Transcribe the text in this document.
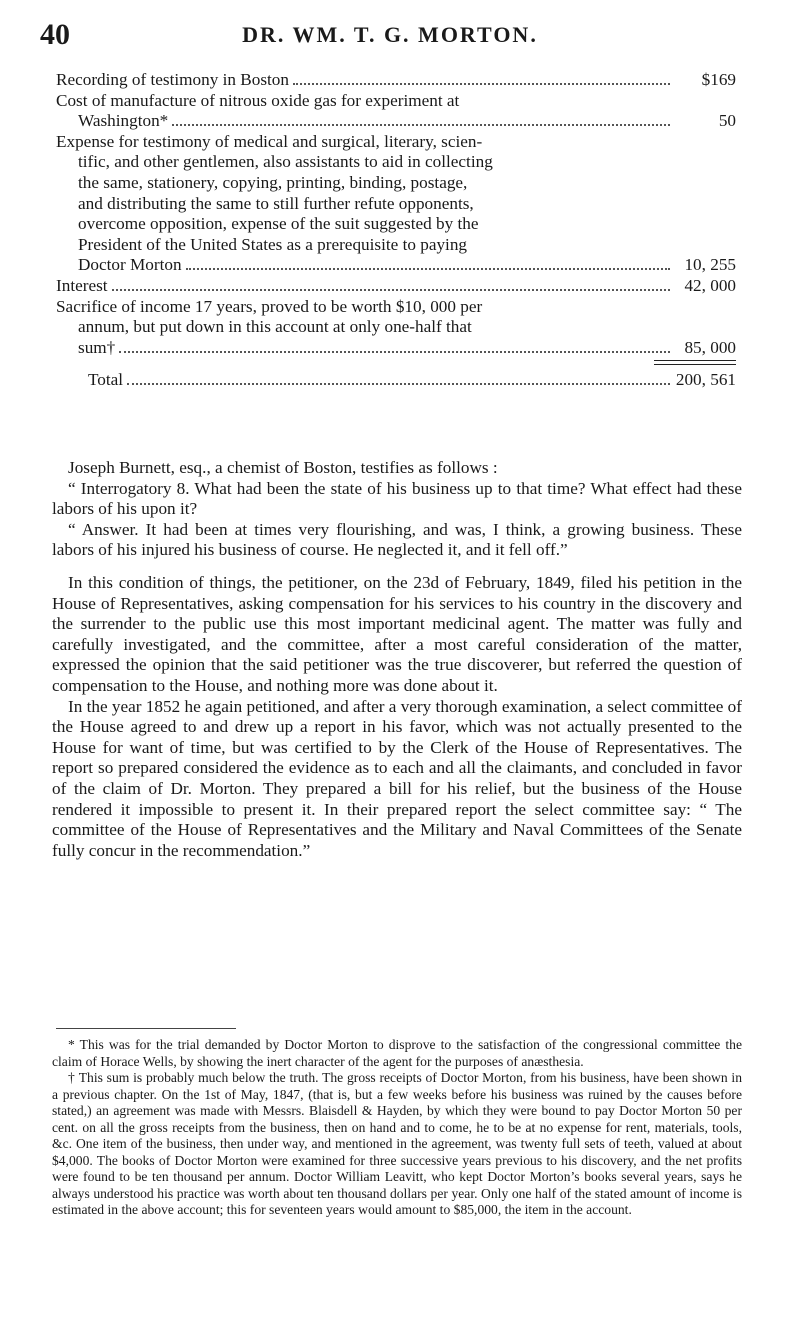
40	DR. WM. T. G. MORTON.
Recording of testimony in Boston	$169
Cost of manufacture of nitrous oxide gas for experiment at
Washington*	50
Expense for testimony of medical and surgical, literary, scien-
tific, and other gentlemen, also assistants to aid in collecting
the same, stationery, copying, printing, binding, postage,
and distributing the same to still further refute opponents,
overcome opposition, expense of the suit suggested by the
President of the United States as a prerequisite to paying
Doctor Morton	10, 255
Interest	42, 000
Sacrifice of income 17 years, proved to be worth $10, 000 per
annum, but put down in this account at only one-half that
sum†	85, 000
Total	200, 561

Joseph Burnett, esq., a chemist of Boston, testifies as follows :

“ Interrogatory 8. What had been the state of his business up to that time? What effect had these labors of his upon it?

“ Answer. It had been at times very flourishing, and was, I think, a growing business. These labors of his injured his business of course. He neglected it, and it fell off.”

In this condition of things, the petitioner, on the 23d of February, 1849, filed his petition in the House of Representatives, asking compensation for his services to his country in the discovery and the surrender to the public use this most important medicinal agent. The matter was fully and carefully investigated, and the committee, after a most careful consideration of the matter, expressed the opinion that the said petitioner was the true discoverer, but referred the question of compensation to the House, and nothing more was done about it.

In the year 1852 he again petitioned, and after a very thorough examination, a select committee of the House agreed to and drew up a report in his favor, which was not actually presented to the House for want of time, but was certified to by the Clerk of the House of Representatives. The report so prepared considered the evidence as to each and all the claimants, and concluded in favor of the claim of Dr. Morton. They prepared a bill for his relief, but the business of the House rendered it impossible to present it. In their prepared report the select committee say: “ The committee of the House of Representatives and the Military and Naval Committees of the Senate fully concur in the recommendation.”

* This was for the trial demanded by Doctor Morton to disprove to the satisfaction of the congressional committee the claim of Horace Wells, by showing the inert character of the agent for the purposes of anæsthesia.

† This sum is probably much below the truth. The gross receipts of Doctor Morton, from his business, have been shown in a previous chapter. On the 1st of May, 1847, (that is, but a few weeks before his business was ruined by the causes before stated,) an agreement was made with Messrs. Blaisdell & Hayden, by which they were bound to pay Doctor Morton 50 per cent. on all the gross receipts from the business, then on hand and to come, he to be at no expense for rent, materials, tools, &c. One item of the business, then under way, and mentioned in the agreement, was twenty full sets of teeth, valued at about $4,000. The books of Doctor Morton were examined for three successive years previous to his discovery, and the net profits were found to be ten thousand per annum. Doctor William Leavitt, who kept Doctor Morton’s books several years, says he always understood his practice was worth about ten thousand dollars per year. Only one half of the stated amount of income is estimated in the above account; this for seventeen years would amount to $85,000, the item in the account.
